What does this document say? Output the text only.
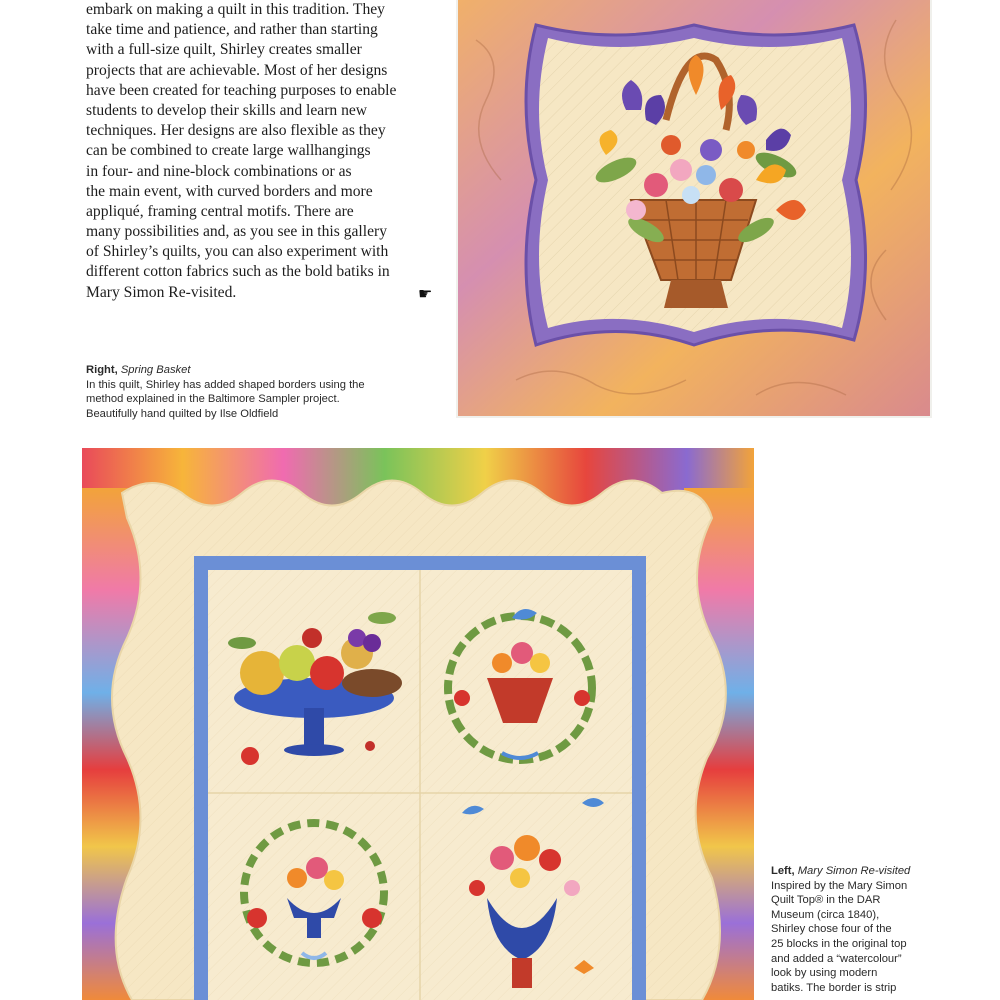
embark on making a quilt in this tradition. They
take time and patience, and rather than starting
with a full-size quilt, Shirley creates smaller
projects that are achievable. Most of her designs
have been created for teaching purposes to enable
students to develop their skills and learn new
techniques. Her designs are also flexible as they
can be combined to create large wallhangings
in four- and nine-block combinations or as
the main event, with curved borders and more
appliqué, framing central motifs. There are
many possibilities and, as you see in this gallery
of Shirley’s quilts, you can also experiment with
different cotton fabrics such as the bold batiks in
Mary Simon Re-visited.	☛
Right, Spring Basket
In this quilt, Shirley has added shaped borders using the
method explained in the Baltimore Sampler project.
Beautifully hand quilted by Ilse Oldfield
Left, Mary Simon Re-visited
Inspired by the Mary Simon
Quilt Top® in the DAR
Museum (circa 1840),
Shirley chose four of the
25 blocks in the original top
and added a “watercolour”
look by using modern
batiks. The border is strip
